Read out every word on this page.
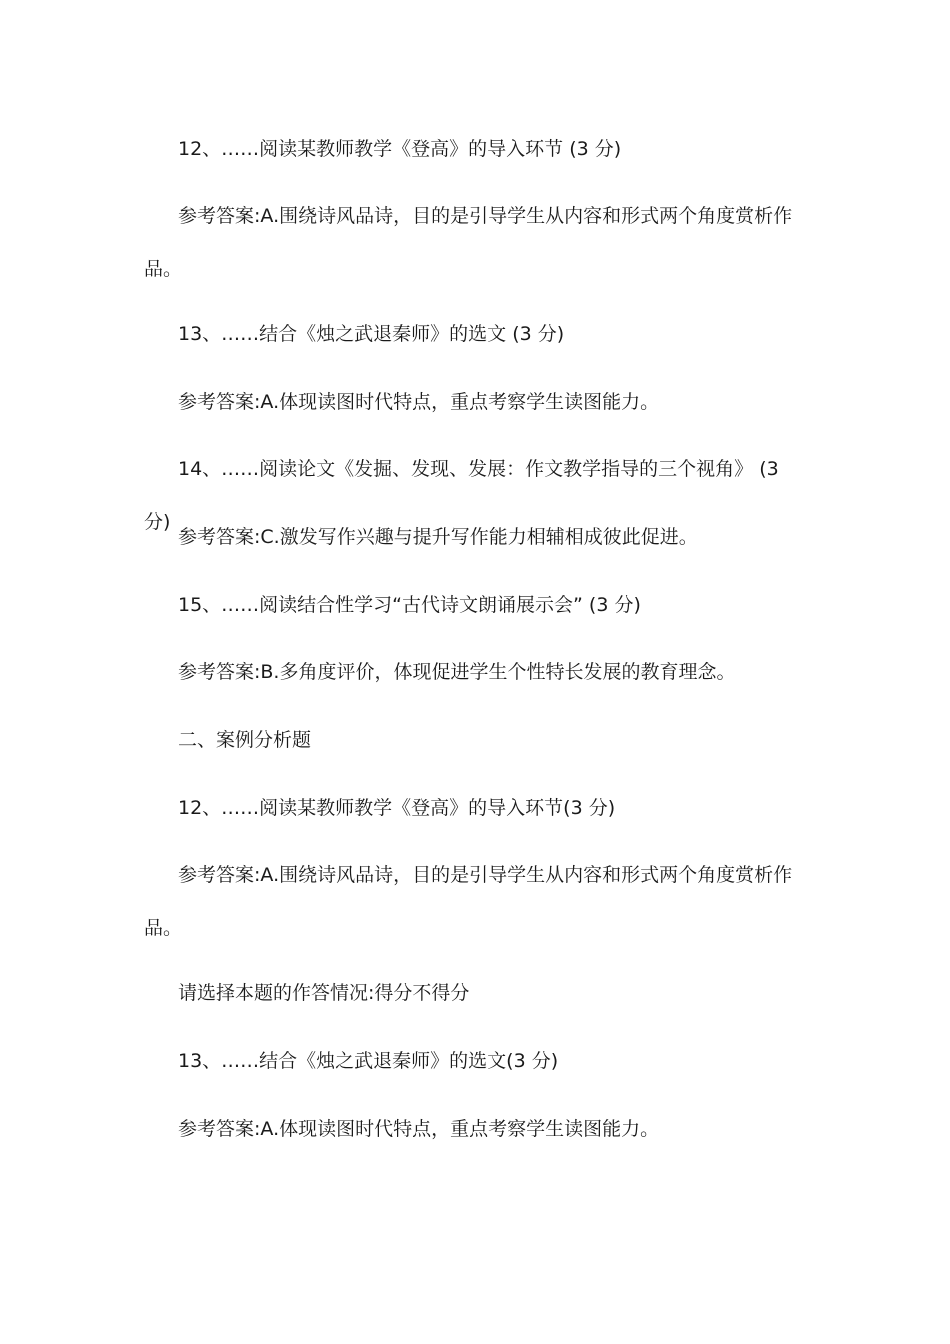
12、……阅读某教师教学《登高》的导入环节 (3 分)
参考答案:A.围绕诗风品诗，目的是引导学生从内容和形式两个角度赏析作品。
13、……结合《烛之武退秦师》的选文 (3 分)
参考答案:A.体现读图时代特点，重点考察学生读图能力。
14、……阅读论文《发掘、发现、发展：作文教学指导的三个视角》 (3 分)
参考答案:C.激发写作兴趣与提升写作能力相辅相成彼此促进。
15、……阅读结合性学习“古代诗文朗诵展示会” (3 分)
参考答案:B.多角度评价，体现促进学生个性特长发展的教育理念。
二、案例分析题
12、……阅读某教师教学《登高》的导入环节(3 分)
参考答案:A.围绕诗风品诗，目的是引导学生从内容和形式两个角度赏析作品。
请选择本题的作答情况:得分不得分
13、……结合《烛之武退秦师》的选文(3 分)
参考答案:A.体现读图时代特点，重点考察学生读图能力。
